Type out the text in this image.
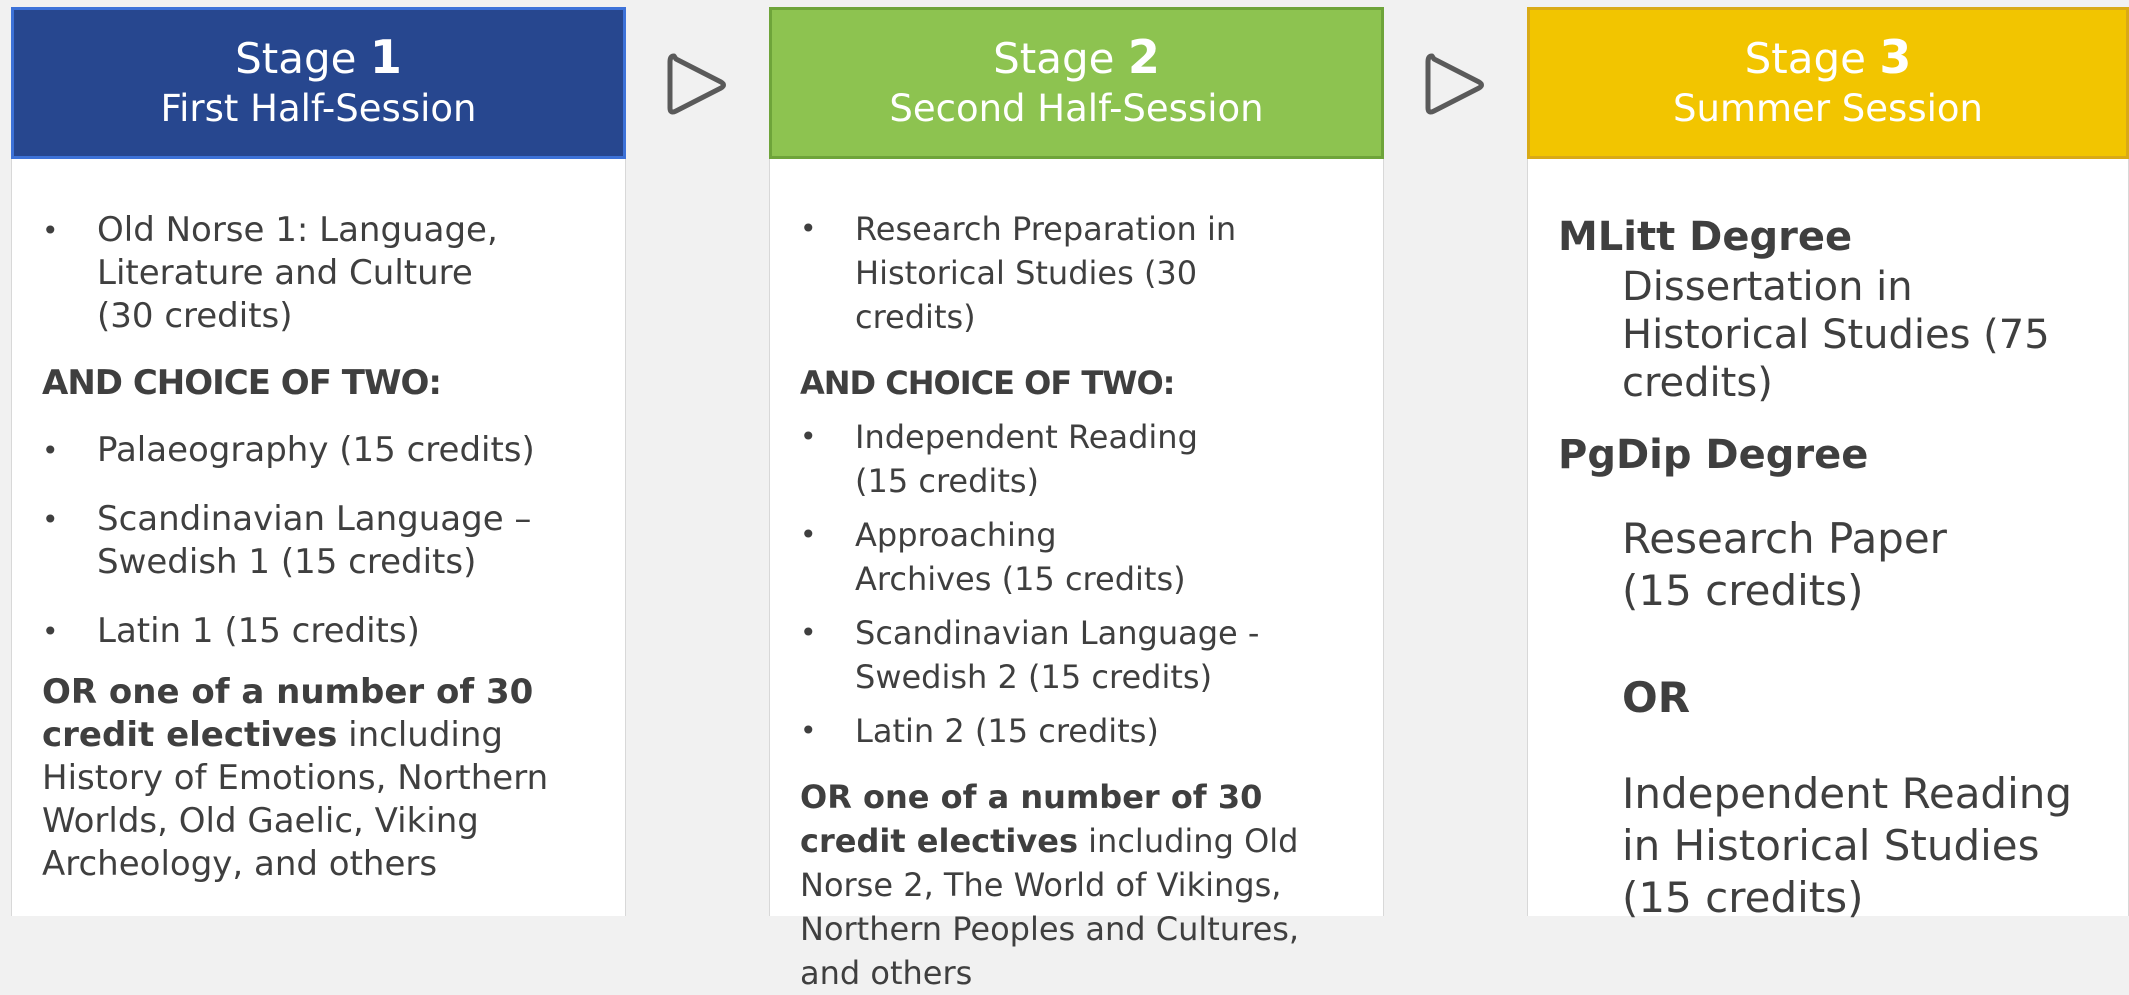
Stage 1
First Half-Session
• Old Norse 1: Language, Literature and Culture (30 credits)

AND CHOICE OF TWO:

• Palaeography (15 credits)
• Scandinavian Language – Swedish 1 (15 credits)
• Latin 1 (15 credits)

OR one of a number of 30 credit electives including History of Emotions, Northern Worlds, Old Gaelic, Viking Archeology, and others

Stage 2
Second Half-Session
• Research Preparation in Historical Studies (30 credits)

AND CHOICE OF TWO:

• Independent Reading (15 credits)
• Approaching Archives (15 credits)
• Scandinavian Language - Swedish 2 (15 credits)
• Latin 2 (15 credits)

OR one of a number of 30 credit electives including Old Norse 2, The World of Vikings, Northern Peoples and Cultures, and others

Stage 3
Summer Session

MLitt Degree

Dissertation in Historical Studies (75 credits)

PgDip Degree

Research Paper (15 credits)

OR

Independent Reading in Historical Studies (15 credits)
